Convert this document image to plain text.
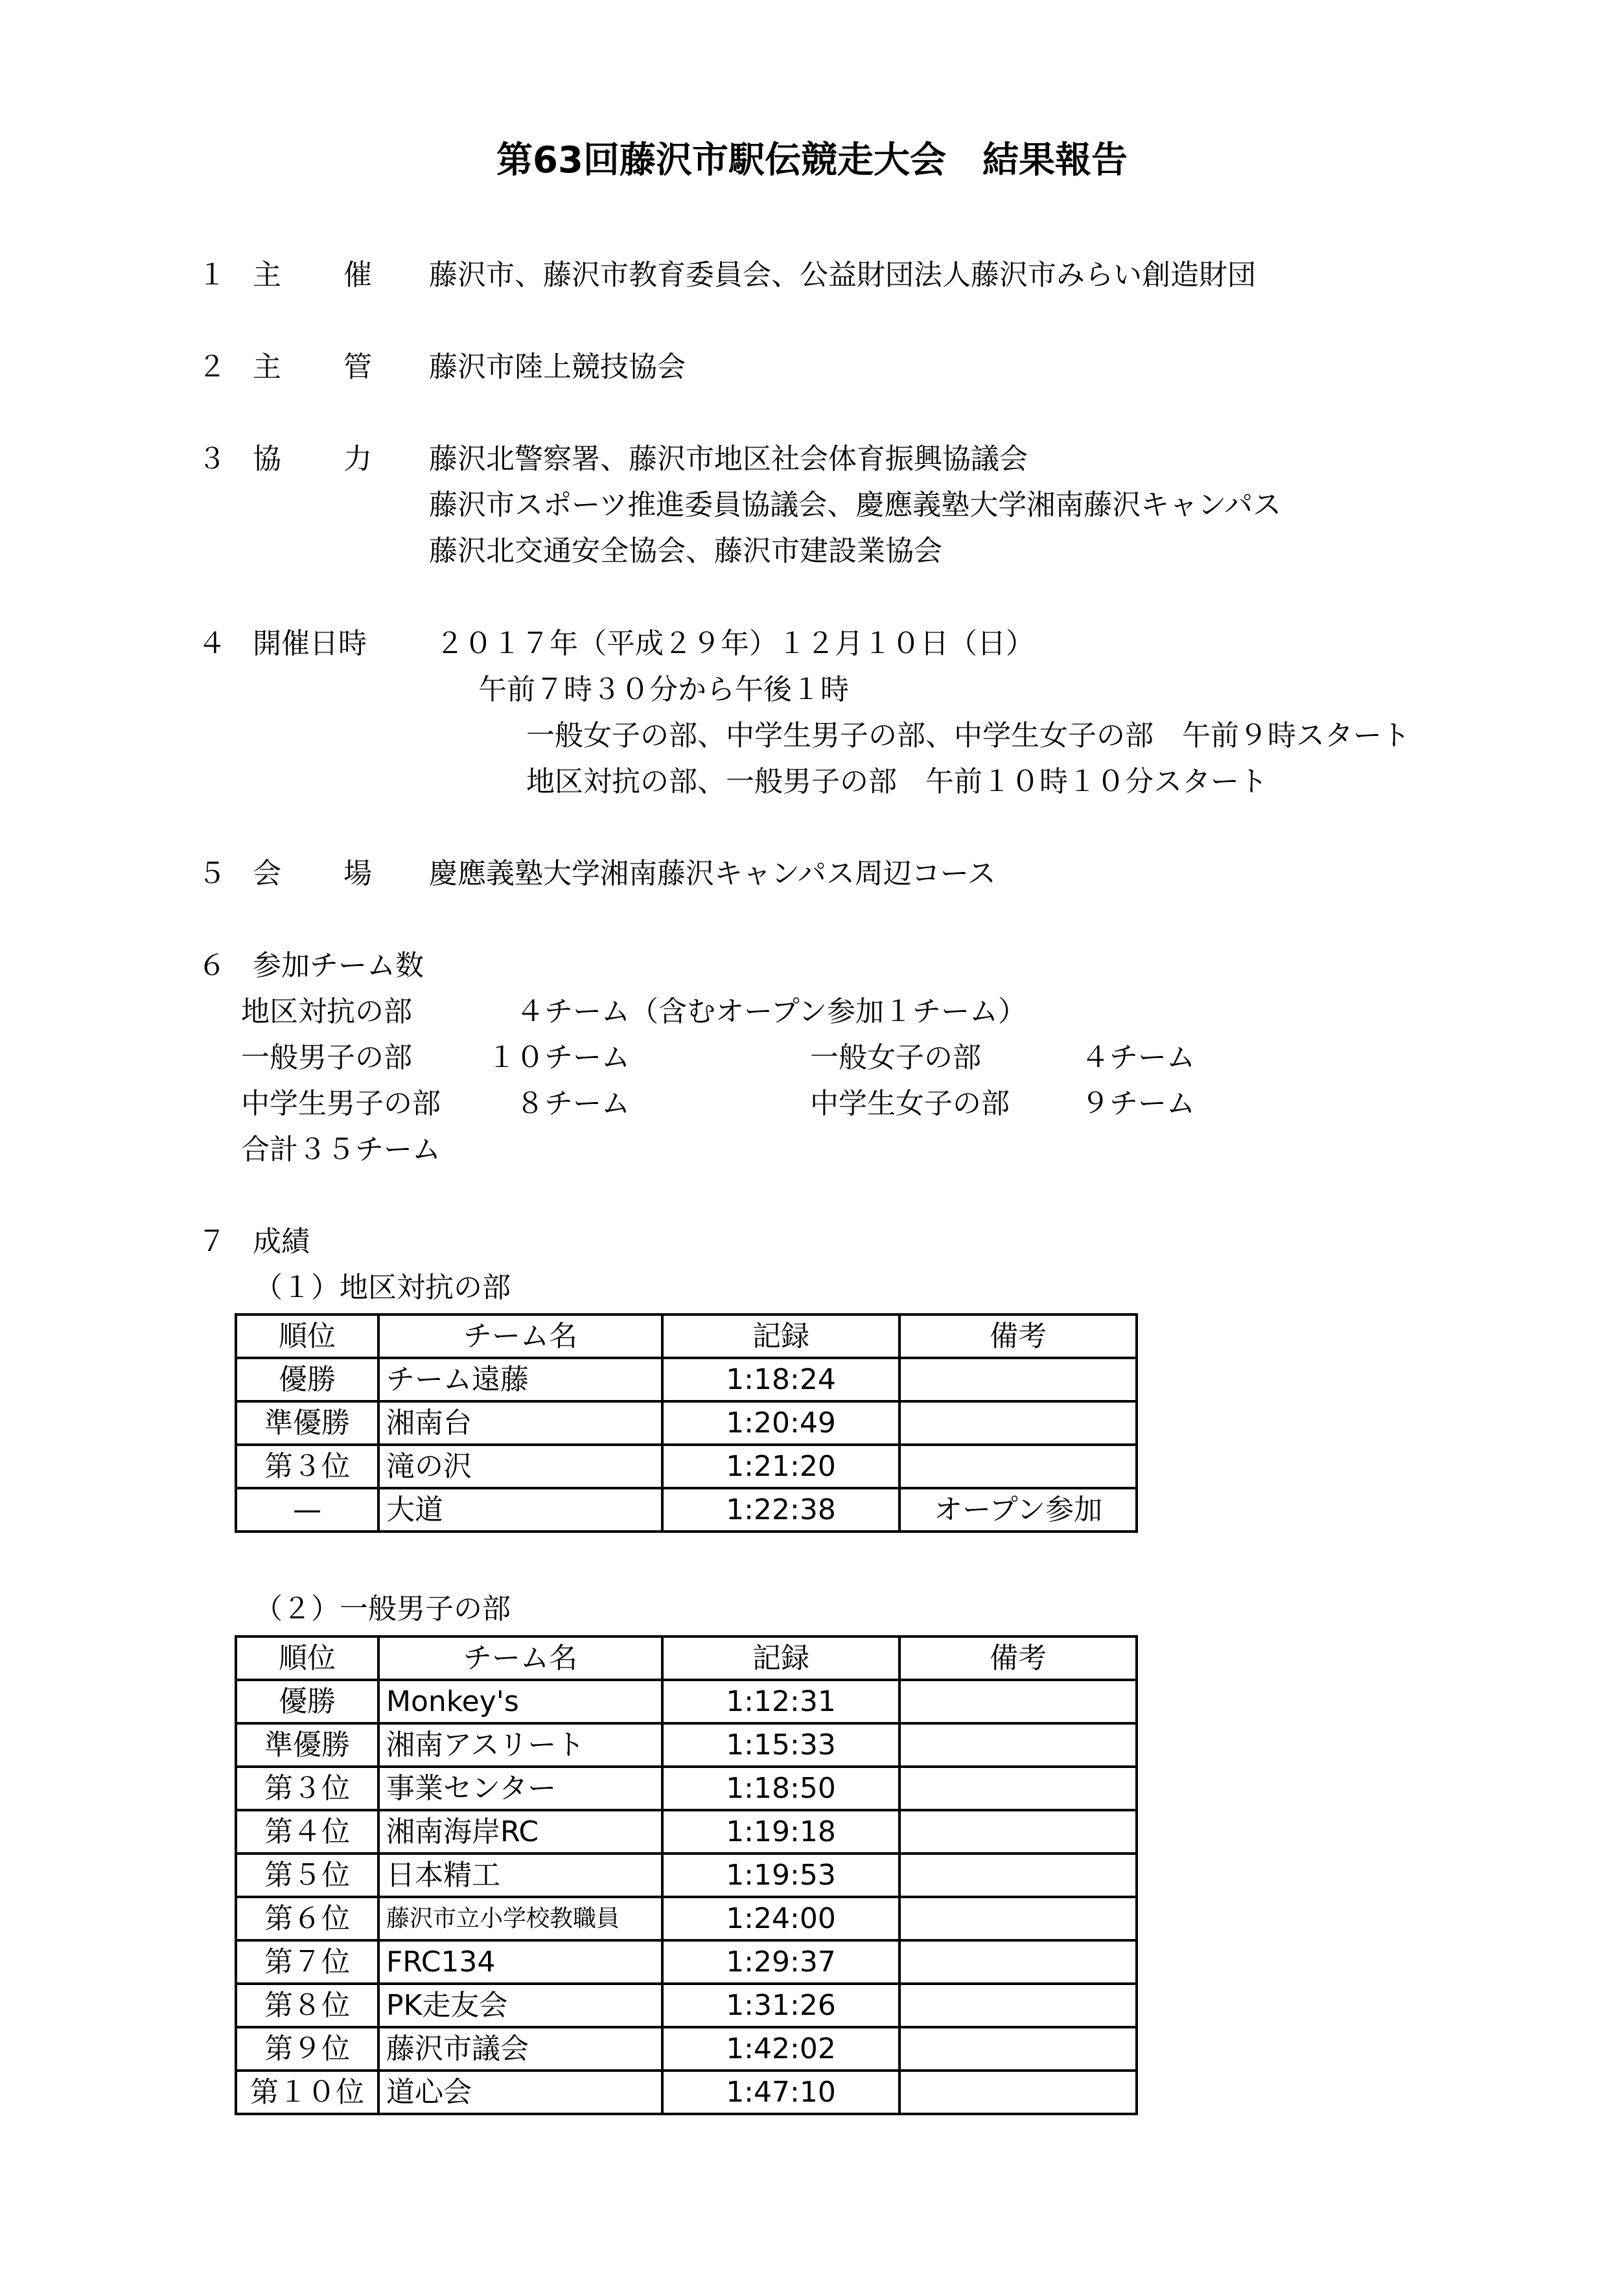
第63回藤沢市駅伝競走大会　結果報告
１ 主 催 藤沢市、藤沢市教育委員会、公益財団法人藤沢市みらい創造財団
２ 主 管 藤沢市陸上競技協会
３ 協 力 藤沢北警察署、藤沢市地区社会体育振興協議会
藤沢市スポーツ推進委員協議会、慶應義塾大学湘南藤沢キャンパス
藤沢北交通安全協会、藤沢市建設業協会
４ 開催日時 ２０１７年（平成２９年）１２月１０日（日）
午前７時３０分から午後１時
一般女子の部、中学生男子の部、中学生女子の部　午前９時スタート
地区対抗の部、一般男子の部　午前１０時１０分スタート
５ 会 場 慶應義塾大学湘南藤沢キャンパス周辺コース
６ 参加チーム数
地区対抗の部	４チーム（含むオープン参加１チーム）
一般男子の部	１０チーム	一般女子の部	４チーム
中学生男子の部	８チーム	中学生女子の部	９チーム
合計３５チーム
７ 成績
（１）地区対抗の部
順位	チーム名	記録	備考
優勝	チーム遠藤	1:18:24	
準優勝	湘南台	1:20:49	
第３位	滝の沢	1:21:20	
—	大道	1:22:38	オープン参加
（２）一般男子の部
順位	チーム名	記録	備考
優勝	Monkey's	1:12:31	
準優勝	湘南アスリート	1:15:33	
第３位	事業センター	1:18:50	
第４位	湘南海岸RC	1:19:18	
第５位	日本精工	1:19:53	
第６位	藤沢市立小学校教職員	1:24:00	
第７位	FRC134	1:29:37	
第８位	PK走友会	1:31:26	
第９位	藤沢市議会	1:42:02	
第１０位	道心会	1:47:10	
